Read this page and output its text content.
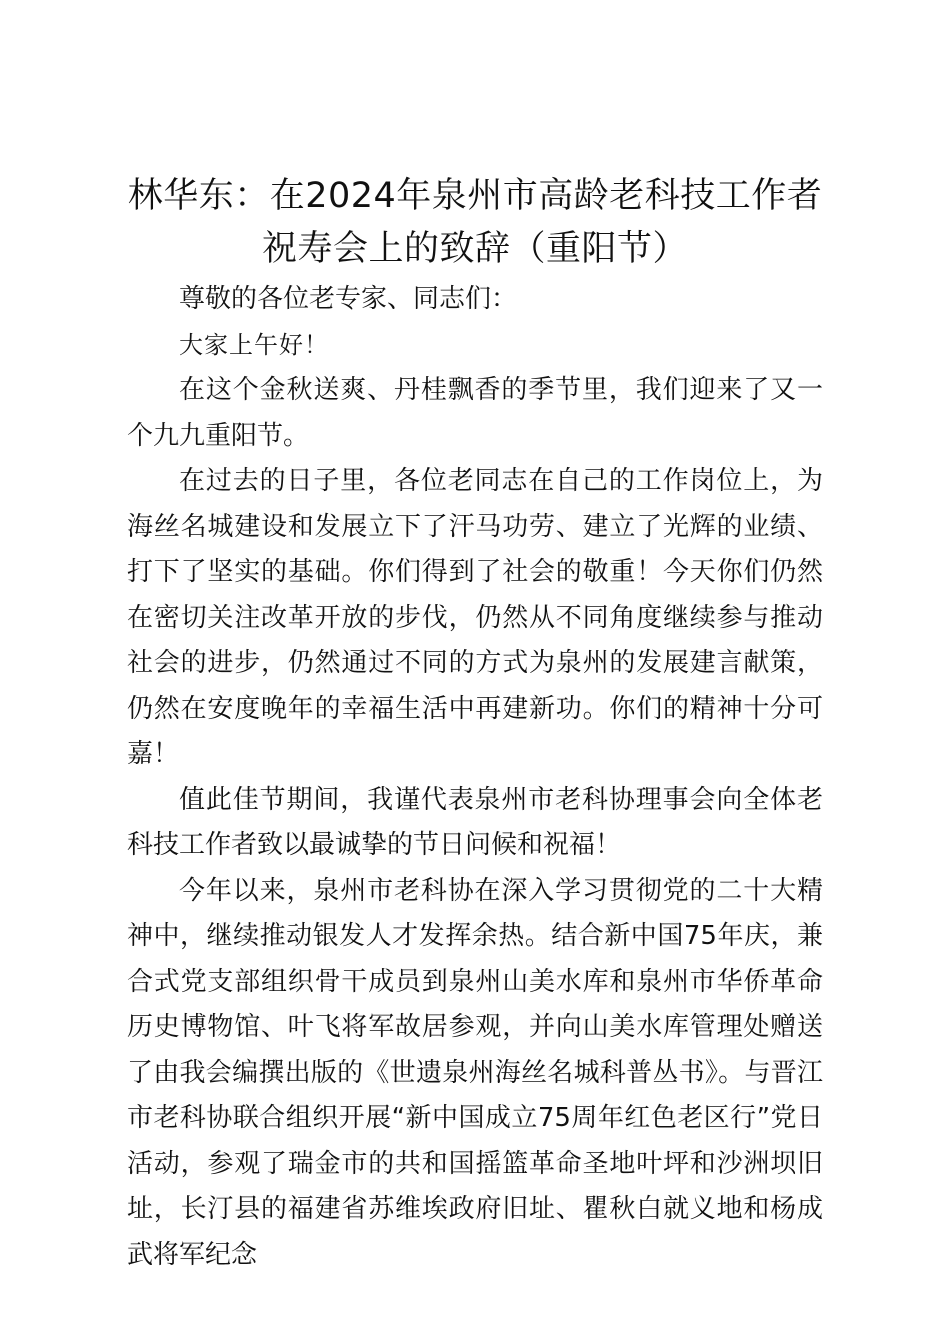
林华东：在2024年泉州市高龄老科技工作者
祝寿会上的致辞（重阳节）

尊敬的各位老专家、同志们：

大家上午好！

在这个金秋送爽、丹桂飘香的季节里，我们迎来了又一个九九重阳节。

在过去的日子里，各位老同志在自己的工作岗位上，为海丝名城建设和发展立下了汗马功劳、建立了光辉的业绩、打下了坚实的基础。你们得到了社会的敬重！今天你们仍然在密切关注改革开放的步伐，仍然从不同角度继续参与推动社会的进步，仍然通过不同的方式为泉州的发展建言献策，仍然在安度晚年的幸福生活中再建新功。你们的精神十分可嘉！

值此佳节期间，我谨代表泉州市老科协理事会向全体老科技工作者致以最诚挚的节日问候和祝福！

今年以来，泉州市老科协在深入学习贯彻党的二十大精神中，继续推动银发人才发挥余热。结合新中国75年庆，兼合式党支部组织骨干成员到泉州山美水库和泉州市华侨革命历史博物馆、叶飞将军故居参观，并向山美水库管理处赠送了由我会编撰出版的《世遗泉州海丝名城科普丛书》。与晋江市老科协联合组织开展“新中国成立75周年红色老区行”党日活动，参观了瑞金市的共和国摇篮革命圣地叶坪和沙洲坝旧址，长汀县的福建省苏维埃政府旧址、瞿秋白就义地和杨成武将军纪念
